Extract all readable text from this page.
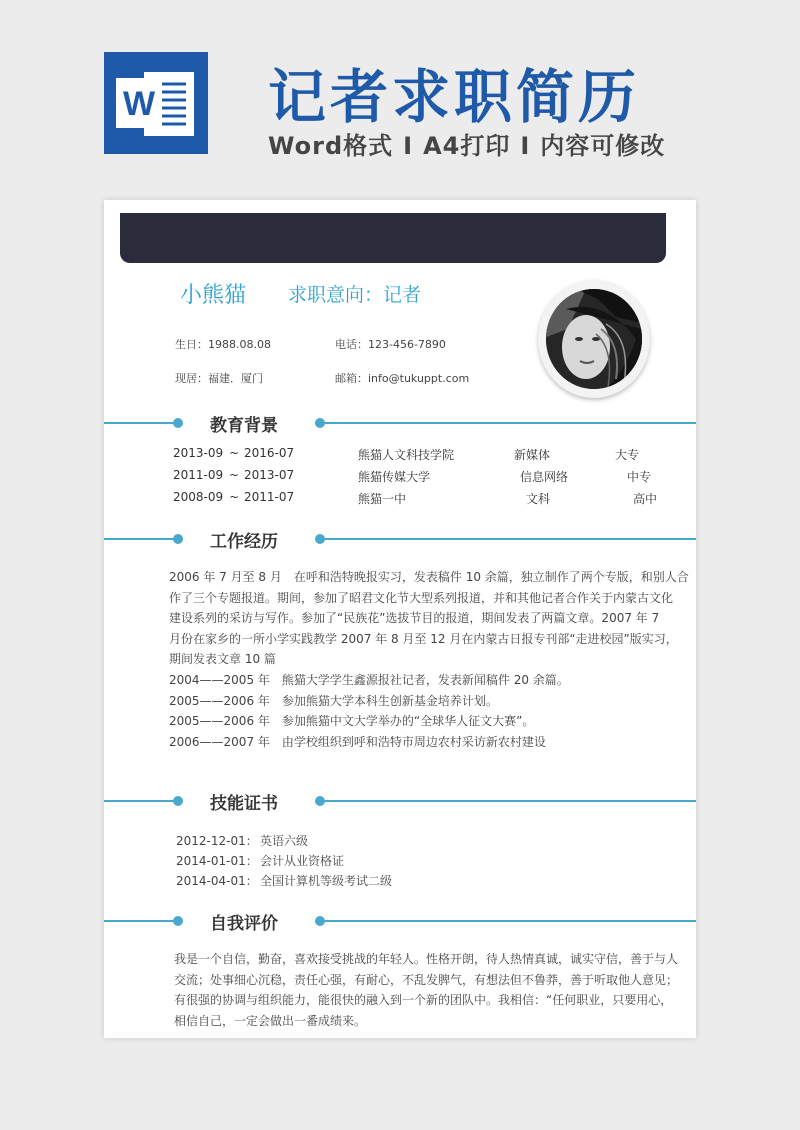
W 记者求职简历
Word格式 I A4打印 I 内容可修改
小熊猫 求职意向：记者
生日：1988.08.08	电话：123-456-7890
现居：福建．厦门	邮箱：info@tukuppt.com
教育背景
2013-09 ~ 2016-07	熊猫人文科技学院	新媒体	大专
2011-09 ~ 2013-07	熊猫传媒大学	信息网络	中专
2008-09 ~ 2011-07	熊猫一中	文科	高中
工作经历
2006 年 7 月至 8 月　在呼和浩特晚报实习，发表稿件 10 余篇，独立制作了两个专版，和别人合
作了三个专题报道。期间，参加了昭君文化节大型系列报道，并和其他记者合作关于内蒙古文化
建设系列的采访与写作。参加了“民族花”选拔节目的报道，期间发表了两篇文章。2007 年 7
月份在家乡的一所小学实践教学 2007 年 8 月至 12 月在内蒙古日报专刊部“走进校园”版实习，
期间发表文章 10 篇
2004——2005 年　熊猫大学学生鑫源报社记者，发表新闻稿件 20 余篇。
2005——2006 年　参加熊猫大学本科生创新基金培养计划。
2005——2006 年　参加熊猫中文大学举办的“全球华人征文大赛”。
2006——2007 年　由学校组织到呼和浩特市周边农村采访新农村建设
技能证书
2012-12-01： 英语六级
2014-01-01： 会计从业资格证
2014-04-01： 全国计算机等级考试二级
自我评价
我是一个自信，勤奋，喜欢接受挑战的年轻人。性格开朗，待人热情真诚，诚实守信，善于与人
交流；处事细心沉稳，责任心强，有耐心，不乱发脾气，有想法但不鲁莽，善于听取他人意见；
有很强的协调与组织能力，能很快的融入到一个新的团队中。我相信：“任何职业，只要用心，
相信自己，一定会做出一番成绩来。
